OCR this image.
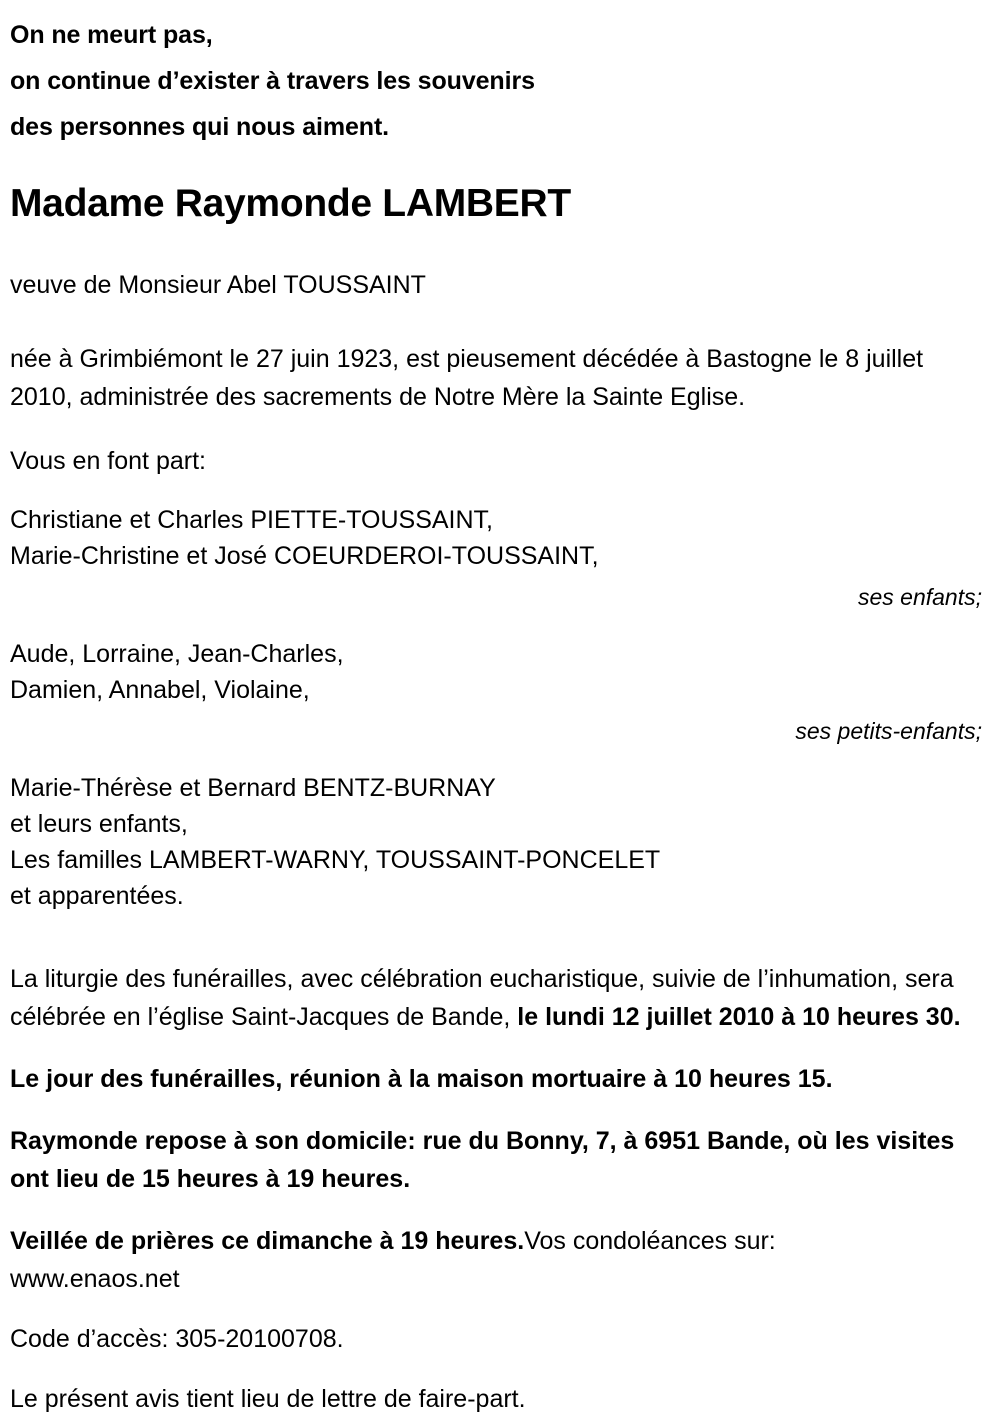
On ne meurt pas,
on continue d’exister à travers les souvenirs
des personnes qui nous aiment.
Madame Raymonde LAMBERT
veuve de Monsieur Abel TOUSSAINT
née à Grimbiémont le 27 juin 1923, est pieusement décédée à Bastogne le 8 juillet 2010, administrée des sacrements de Notre Mère la Sainte Eglise.
Vous en font part:
Christiane et Charles PIETTE-TOUSSAINT,
Marie-Christine et José COEURDEROI-TOUSSAINT,
ses enfants;
Aude, Lorraine, Jean-Charles,
Damien, Annabel, Violaine,
ses petits-enfants;
Marie-Thérèse et Bernard BENTZ-BURNAY
et leurs enfants,
Les familles LAMBERT-WARNY, TOUSSAINT-PONCELET
et apparentées.
La liturgie des funérailles, avec célébration eucharistique, suivie de l’inhumation, sera célébrée en l’église Saint-Jacques de Bande, le lundi 12 juillet 2010 à 10 heures 30.
Le jour des funérailles, réunion à la maison mortuaire à 10 heures 15.
Raymonde repose à son domicile: rue du Bonny, 7, à 6951 Bande, où les visites ont lieu de 15 heures à 19 heures.
Veillée de prières ce dimanche à 19 heures.Vos condoléances sur:
www.enaos.net
Code d’accès: 305-20100708.
Le présent avis tient lieu de lettre de faire-part.
